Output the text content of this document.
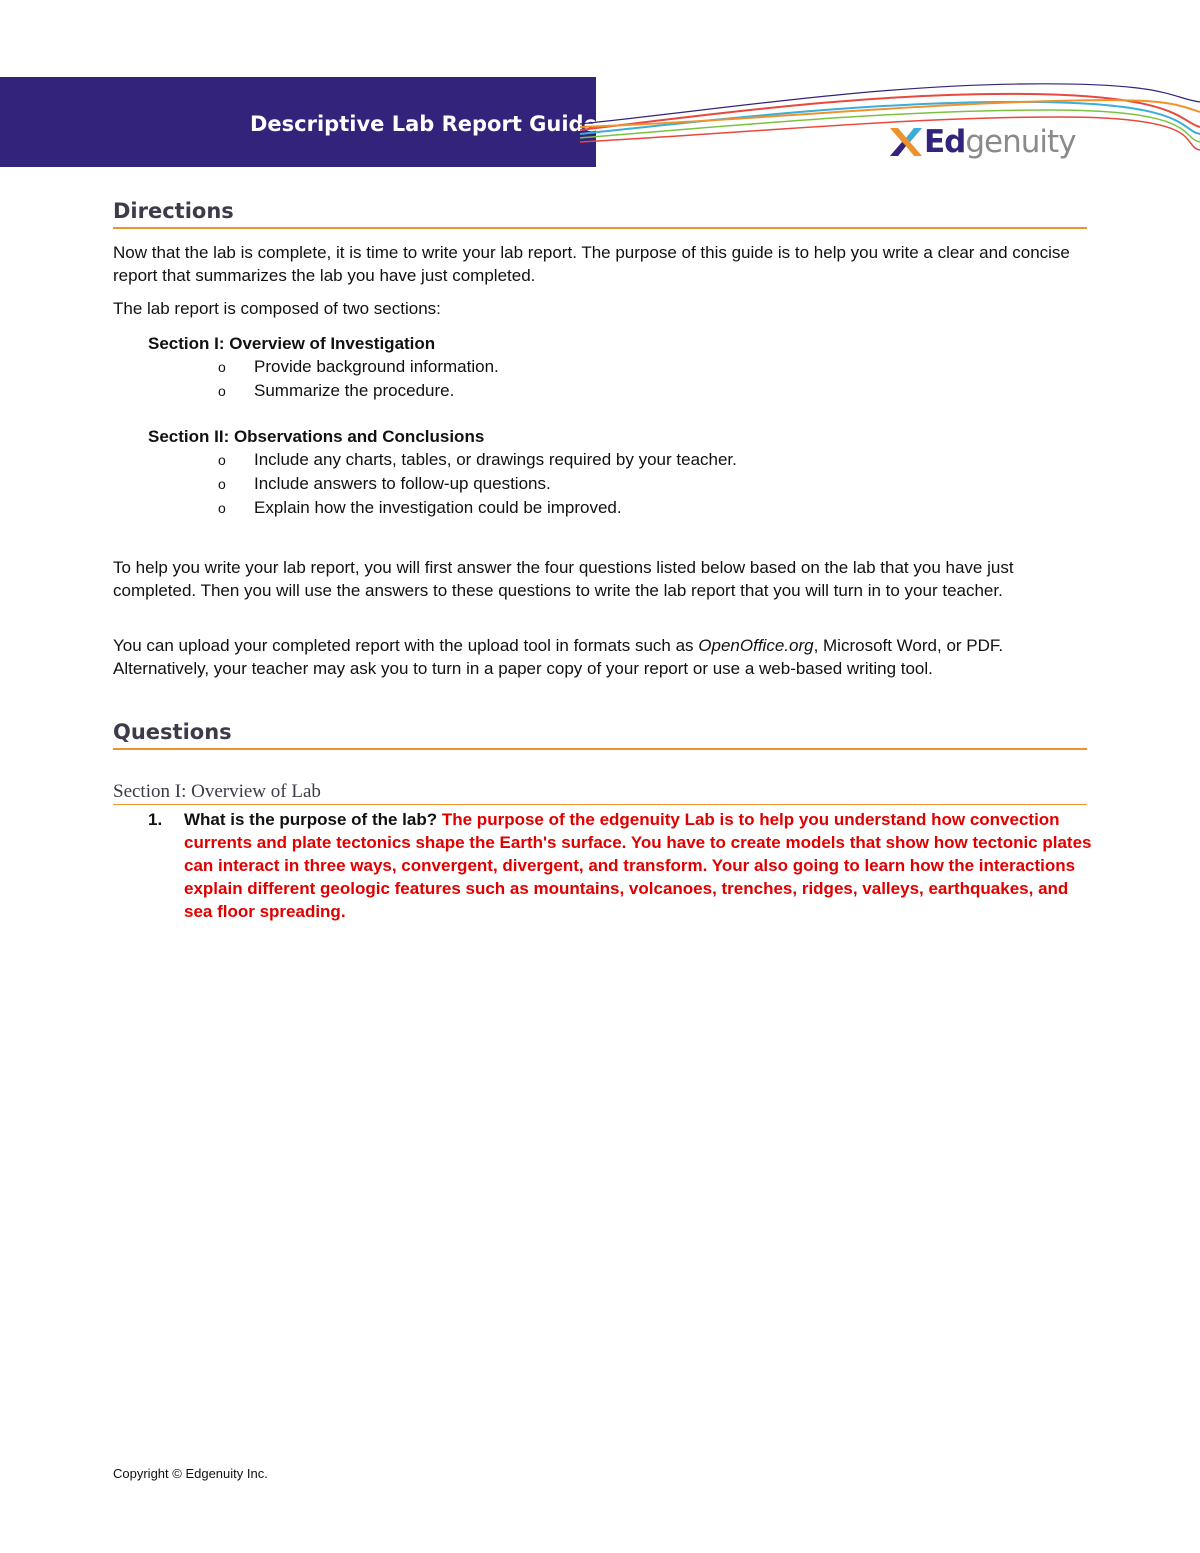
Descriptive Lab Report Guide	Edgenuity
Directions
Now that the lab is complete, it is time to write your lab report. The purpose of this guide is to help you write a clear and concise report that summarizes the lab you have just completed.
The lab report is composed of two sections:
Section I: Overview of Investigation
o	Provide background information.
o	Summarize the procedure.
Section II: Observations and Conclusions
o	Include any charts, tables, or drawings required by your teacher.
o	Include answers to follow-up questions.
o	Explain how the investigation could be improved.
To help you write your lab report, you will first answer the four questions listed below based on the lab that you have just completed. Then you will use the answers to these questions to write the lab report that you will turn in to your teacher.
You can upload your completed report with the upload tool in formats such as OpenOffice.org, Microsoft Word, or PDF. Alternatively, your teacher may ask you to turn in a paper copy of your report or use a web-based writing tool.
Questions
Section I: Overview of Lab
1.	What is the purpose of the lab? The purpose of the edgenuity Lab is to help you understand how convection currents and plate tectonics shape the Earth's surface. You have to create models that show how tectonic plates can interact in three ways, convergent, divergent, and transform. Your also going to learn how the interactions explain different geologic features such as mountains, volcanoes, trenches, ridges, valleys, earthquakes, and sea floor spreading.
Copyright © Edgenuity Inc.
